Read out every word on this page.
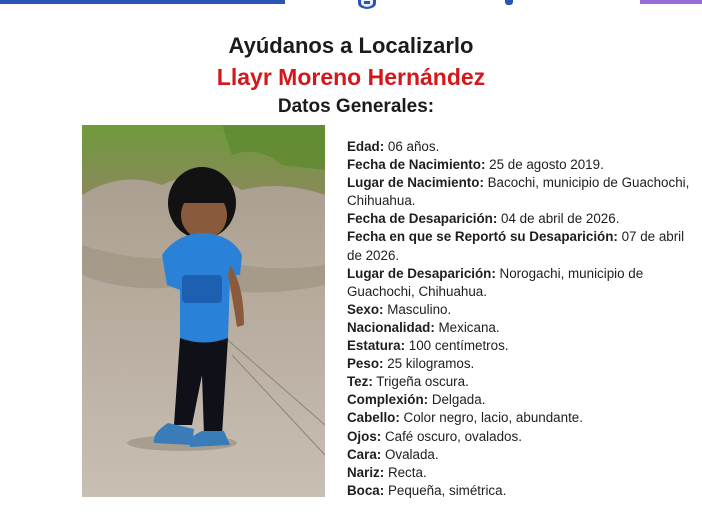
Ayúdanos a Localizarlo
Llayr Moreno Hernández
Datos Generales:
Edad: 06 años.
Fecha de Nacimiento: 25 de agosto 2019.
Lugar de Nacimiento: Bacochi, municipio de Guachochi, Chihuahua.
Fecha de Desaparición: 04 de abril de 2026.
Fecha en que se Reportó su Desaparición: 07 de abril de 2026.
Lugar de Desaparición: Norogachi, municipio de Guachochi, Chihuahua.
Sexo: Masculino.
Nacionalidad: Mexicana.
Estatura: 100 centímetros.
Peso: 25 kilogramos.
Tez: Trigeña oscura.
Complexión: Delgada.
Cabello: Color negro, lacio, abundante.
Ojos: Café oscuro, ovalados.
Cara: Ovalada.
Nariz: Recta.
Boca: Pequeña, simétrica.
